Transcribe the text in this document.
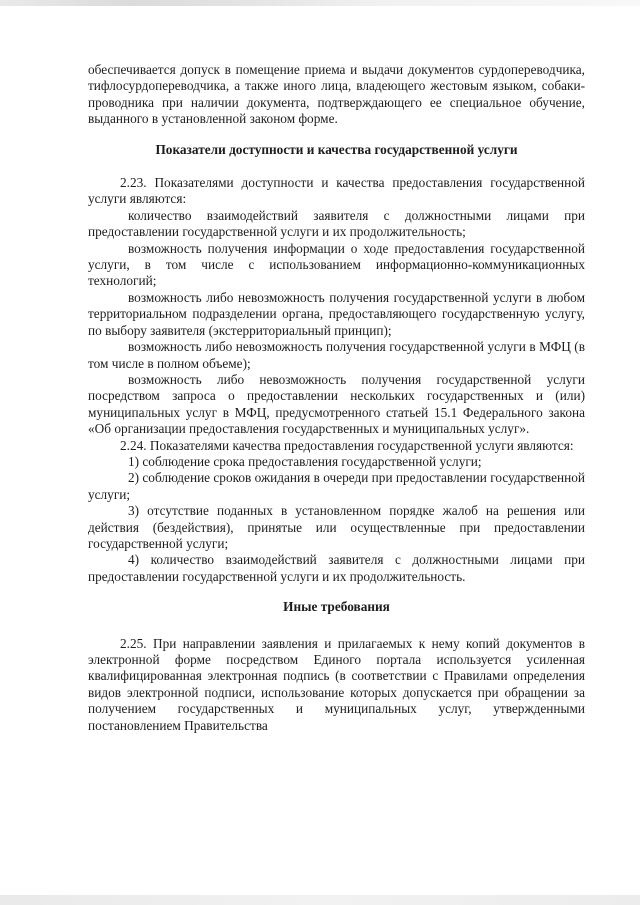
обеспечивается допуск в помещение приема и выдачи документов сурдопереводчика, тифлосурдопереводчика, а также иного лица, владеющего жестовым языком, собаки-проводника при наличии документа, подтверждающего ее специальное обучение, выданного в установленной законом форме.

Показатели доступности и качества государственной услуги

2.23. Показателями доступности и качества предоставления государственной услуги являются:

количество взаимодействий заявителя с должностными лицами при предоставлении государственной услуги и их продолжительность;

возможность получения информации о ходе предоставления государственной услуги, в том числе с использованием информационно-коммуникационных технологий;

возможность либо невозможность получения государственной услуги в любом территориальном подразделении органа, предоставляющего государственную услугу, по выбору заявителя (экстерриториальный принцип);

возможность либо невозможность получения государственной услуги в МФЦ (в том числе в полном объеме);

возможность либо невозможность получения государственной услуги посредством запроса о предоставлении нескольких государственных и (или) муниципальных услуг в МФЦ, предусмотренного статьей 15.1 Федерального закона «Об организации предоставления государственных и муниципальных услуг».

2.24. Показателями качества предоставления государственной услуги являются:

1) соблюдение срока предоставления государственной услуги;

2) соблюдение сроков ожидания в очереди при предоставлении государственной услуги;

3) отсутствие поданных в установленном порядке жалоб на решения или действия (бездействия), принятые или осуществленные при предоставлении государственной услуги;

4) количество взаимодействий заявителя с должностными лицами при предоставлении государственной услуги и их продолжительность.

Иные требования

2.25. При направлении заявления и прилагаемых к нему копий документов в электронной форме посредством Единого портала используется усиленная квалифицированная электронная подпись (в соответствии с Правилами определения видов электронной подписи, использование которых допускается при обращении за получением государственных и муниципальных услуг, утвержденными постановлением Правительства
